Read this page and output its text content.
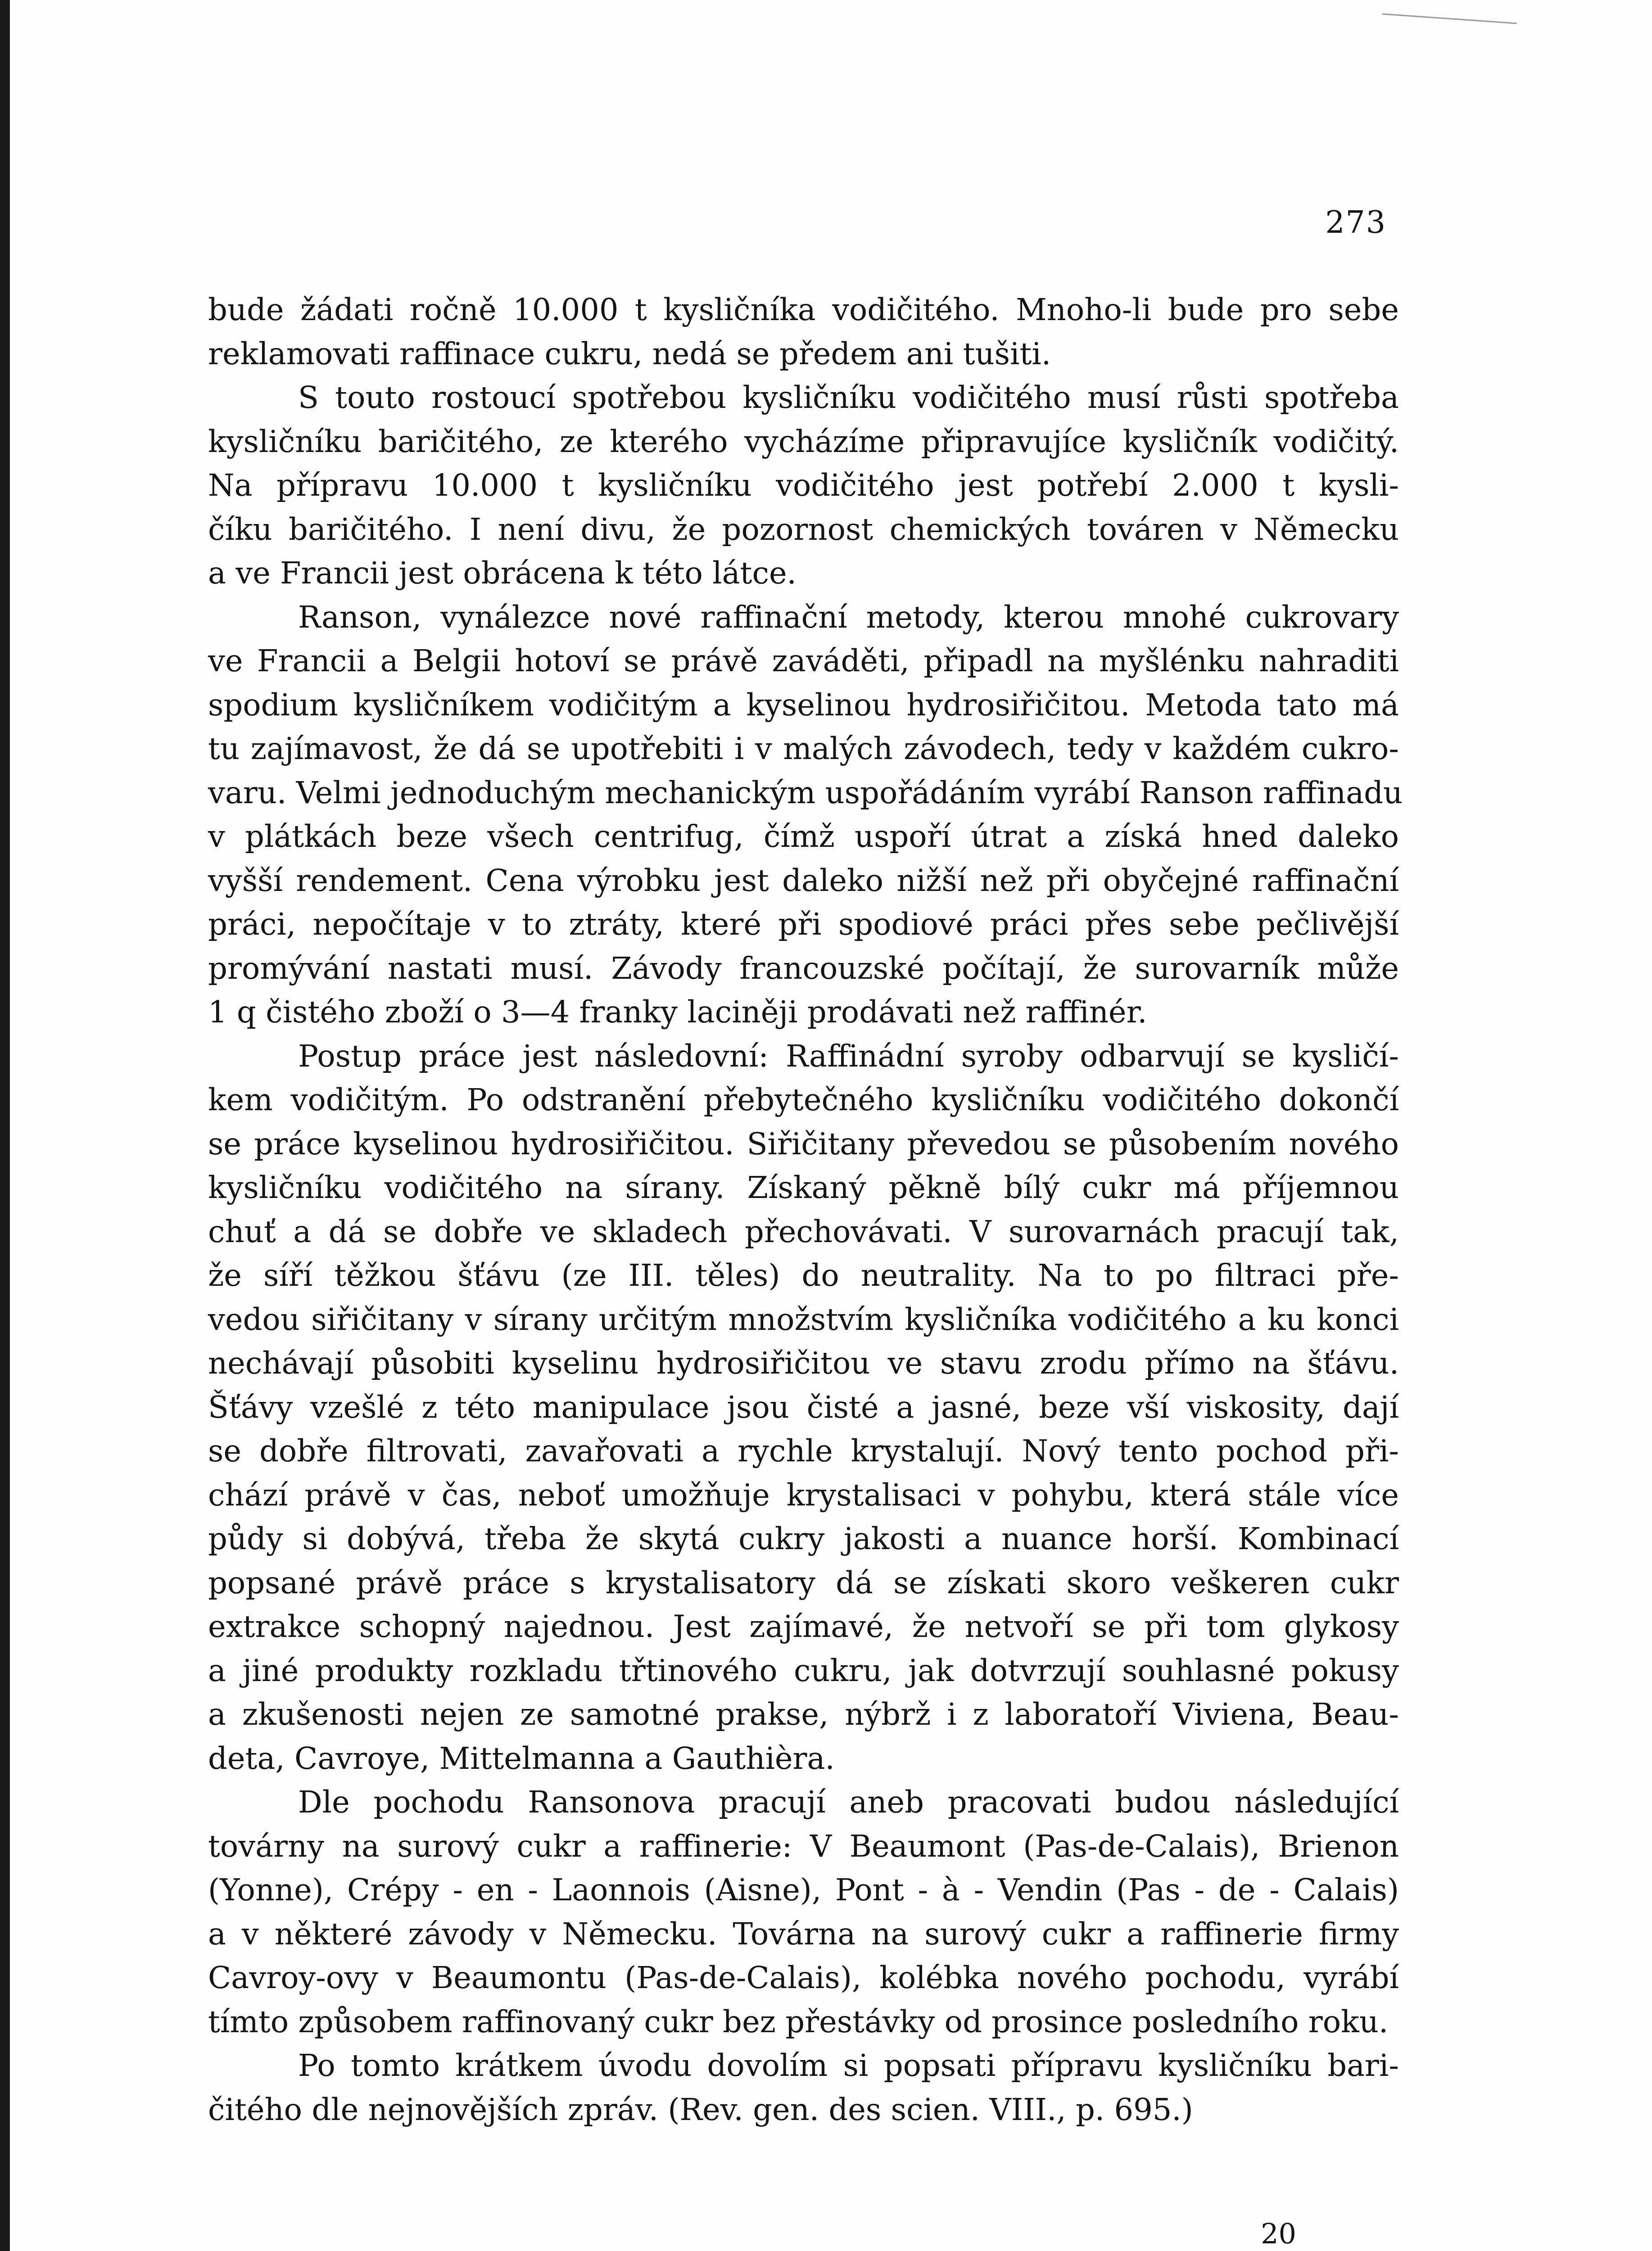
273
bude žádati ročně 10.000 t kysličníka vodičitého. Mnoho-li bude pro sebe
reklamovati raffinace cukru, nedá se předem ani tušiti.
S touto rostoucí spotřebou kysličníku vodičitého musí růsti spotřeba
kysličníku baričitého, ze kterého vycházíme připravujíce kysličník vodičitý.
Na přípravu 10.000 t kysličníku vodičitého jest potřebí 2.000 t kysli-
číku baričitého. I není divu, že pozornost chemických továren v Německu
a ve Francii jest obrácena k této látce.
Ranson, vynálezce nové raffinační metody, kterou mnohé cukrovary
ve Francii a Belgii hotoví se právě zaváděti, připadl na myšlénku nahraditi
spodium kysličníkem vodičitým a kyselinou hydrosiřičitou. Metoda tato má
tu zajímavost, že dá se upotřebiti i v malých závodech, tedy v každém cukro-
varu. Velmi jednoduchým mechanickým uspořádáním vyrábí Ranson raffinadu
v plátkách beze všech centrifug, čímž uspoří útrat a získá hned daleko
vyšší rendement. Cena výrobku jest daleko nižší než při obyčejné raffinační
práci, nepočítaje v to ztráty, které při spodiové práci přes sebe pečlivější
promývání nastati musí. Závody francouzské počítají, že surovarník může
1 q čistého zboží o 3—4 franky laciněji prodávati než raffinér.
Postup práce jest následovní: Raffinádní syroby odbarvují se kysličí-
kem vodičitým. Po odstranění přebytečného kysličníku vodičitého dokončí
se práce kyselinou hydrosiřičitou. Siřičitany převedou se působením nového
kysličníku vodičitého na sírany. Získaný pěkně bílý cukr má příjemnou
chuť a dá se dobře ve skladech přechovávati. V surovarnách pracují tak,
že síří těžkou šťávu (ze III. těles) do neutrality. Na to po filtraci pře-
vedou siřičitany v sírany určitým množstvím kysličníka vodičitého a ku konci
nechávají působiti kyselinu hydrosiřičitou ve stavu zrodu přímo na šťávu.
Šťávy vzešlé z této manipulace jsou čisté a jasné, beze vší viskosity, dají
se dobře filtrovati, zavařovati a rychle krystalují. Nový tento pochod při-
chází právě v čas, neboť umožňuje krystalisaci v pohybu, která stále více
půdy si dobývá, třeba že skytá cukry jakosti a nuance horší. Kombinací
popsané právě práce s krystalisatory dá se získati skoro veškeren cukr
extrakce schopný najednou. Jest zajímavé, že netvoří se při tom glykosy
a jiné produkty rozkladu třtinového cukru, jak dotvrzují souhlasné pokusy
a zkušenosti nejen ze samotné prakse, nýbrž i z laboratoří Viviena, Beau-
deta, Cavroye, Mittelmanna a Gauthièra.
Dle pochodu Ransonova pracují aneb pracovati budou následující
továrny na surový cukr a raffinerie: V Beaumont (Pas-de-Calais), Brienon
(Yonne), Crépy - en - Laonnois (Aisne), Pont - à - Vendin (Pas - de - Calais)
a v některé závody v Německu. Továrna na surový cukr a raffinerie firmy
Cavroy-ovy v Beaumontu (Pas-de-Calais), kolébka nového pochodu, vyrábí
tímto způsobem raffinovaný cukr bez přestávky od prosince posledního roku.
Po tomto krátkem úvodu dovolím si popsati přípravu kysličníku bari-
čitého dle nejnovějších zpráv. (Rev. gen. des scien. VIII., p. 695.)
20
